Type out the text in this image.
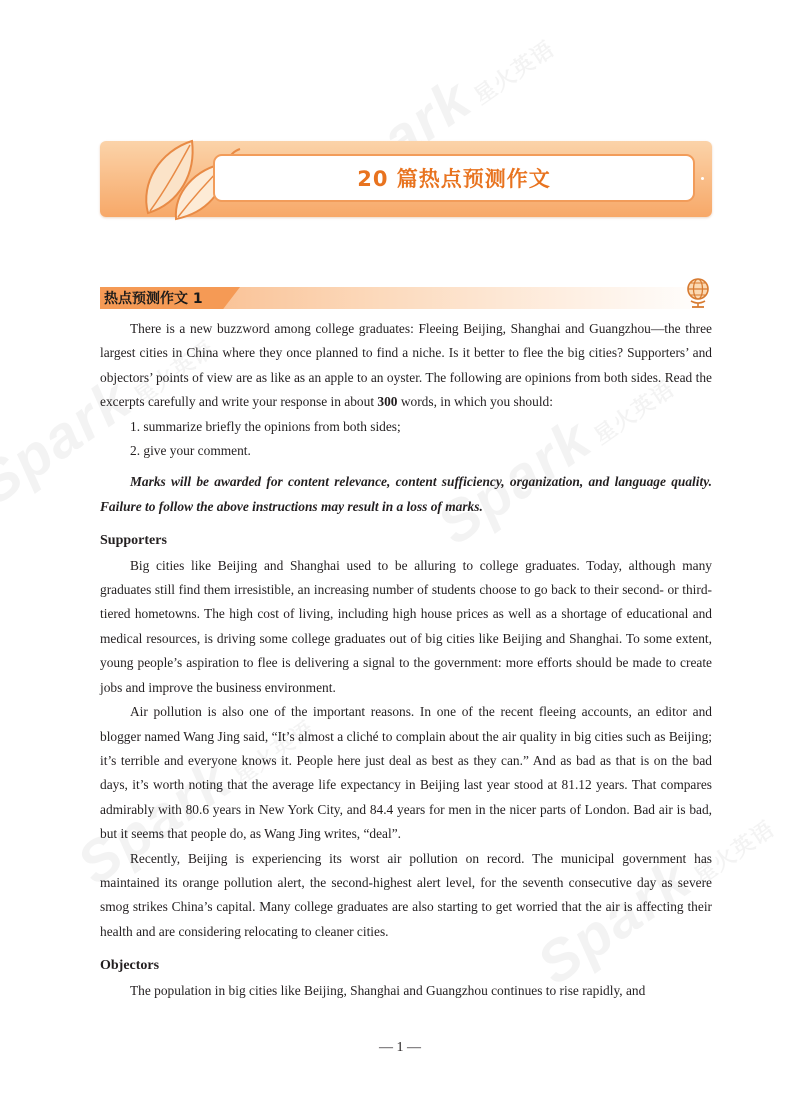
20 篇热点预测作文
热点预测作文 1

There is a new buzzword among college graduates: Fleeing Beijing, Shanghai and Guangzhou—the three largest cities in China where they once planned to find a niche. Is it better to flee the big cities? Supporters’ and objectors’ points of view are as like as an apple to an oyster. The following are opinions from both sides. Read the excerpts carefully and write your response in about 300 words, in which you should:

1. summarize briefly the opinions from both sides;

2. give your comment.

Marks will be awarded for content relevance, content sufficiency, organization, and language quality. Failure to follow the above instructions may result in a loss of marks.

Supporters

Big cities like Beijing and Shanghai used to be alluring to college graduates. Today, although many graduates still find them irresistible, an increasing number of students choose to go back to their second- or third-tiered hometowns. The high cost of living, including high house prices as well as a shortage of educational and medical resources, is driving some college graduates out of big cities like Beijing and Shanghai. To some extent, young people’s aspiration to flee is delivering a signal to the government: more efforts should be made to create jobs and improve the business environment.

Air pollution is also one of the important reasons. In one of the recent fleeing accounts, an editor and blogger named Wang Jing said, “It’s almost a cliché to complain about the air quality in big cities such as Beijing; it’s terrible and everyone knows it. People here just deal as best as they can.” And as bad as that is on the bad days, it’s worth noting that the average life expectancy in Beijing last year stood at 81.12 years. That compares admirably with 80.6 years in New York City, and 84.4 years for men in the nicer parts of London. Bad air is bad, but it seems that people do, as Wang Jing writes, “deal”.

Recently, Beijing is experiencing its worst air pollution on record. The municipal government has maintained its orange pollution alert, the second-highest alert level, for the seventh consecutive day as severe smog strikes China’s capital. Many college graduates are also starting to get worried that the air is affecting their health and are considering relocating to cleaner cities.

Objectors

The population in big cities like Beijing, Shanghai and Guangzhou continues to rise rapidly, and

— 1 —
